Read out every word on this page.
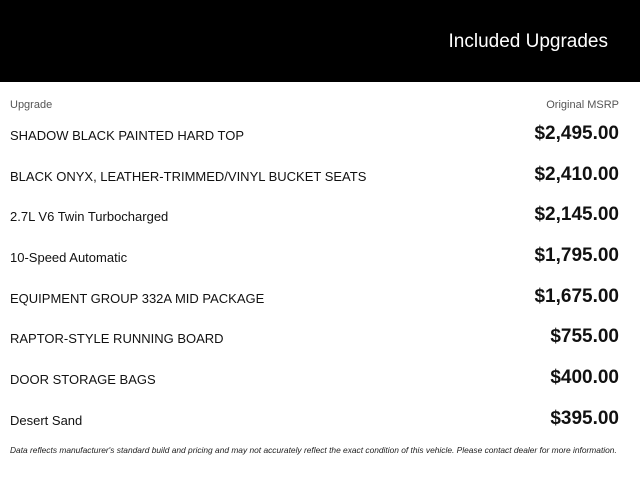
Included Upgrades
Upgrade	Original MSRP
SHADOW BLACK PAINTED HARD TOP	$2,495.00
BLACK ONYX, LEATHER-TRIMMED/VINYL BUCKET SEATS	$2,410.00
2.7L V6 Twin Turbocharged	$2,145.00
10-Speed Automatic	$1,795.00
EQUIPMENT GROUP 332A MID PACKAGE	$1,675.00
RAPTOR-STYLE RUNNING BOARD	$755.00
DOOR STORAGE BAGS	$400.00
Desert Sand	$395.00
Data reflects manufacturer's standard build and pricing and may not accurately reflect the exact condition of this vehicle. Please contact dealer for more information.
